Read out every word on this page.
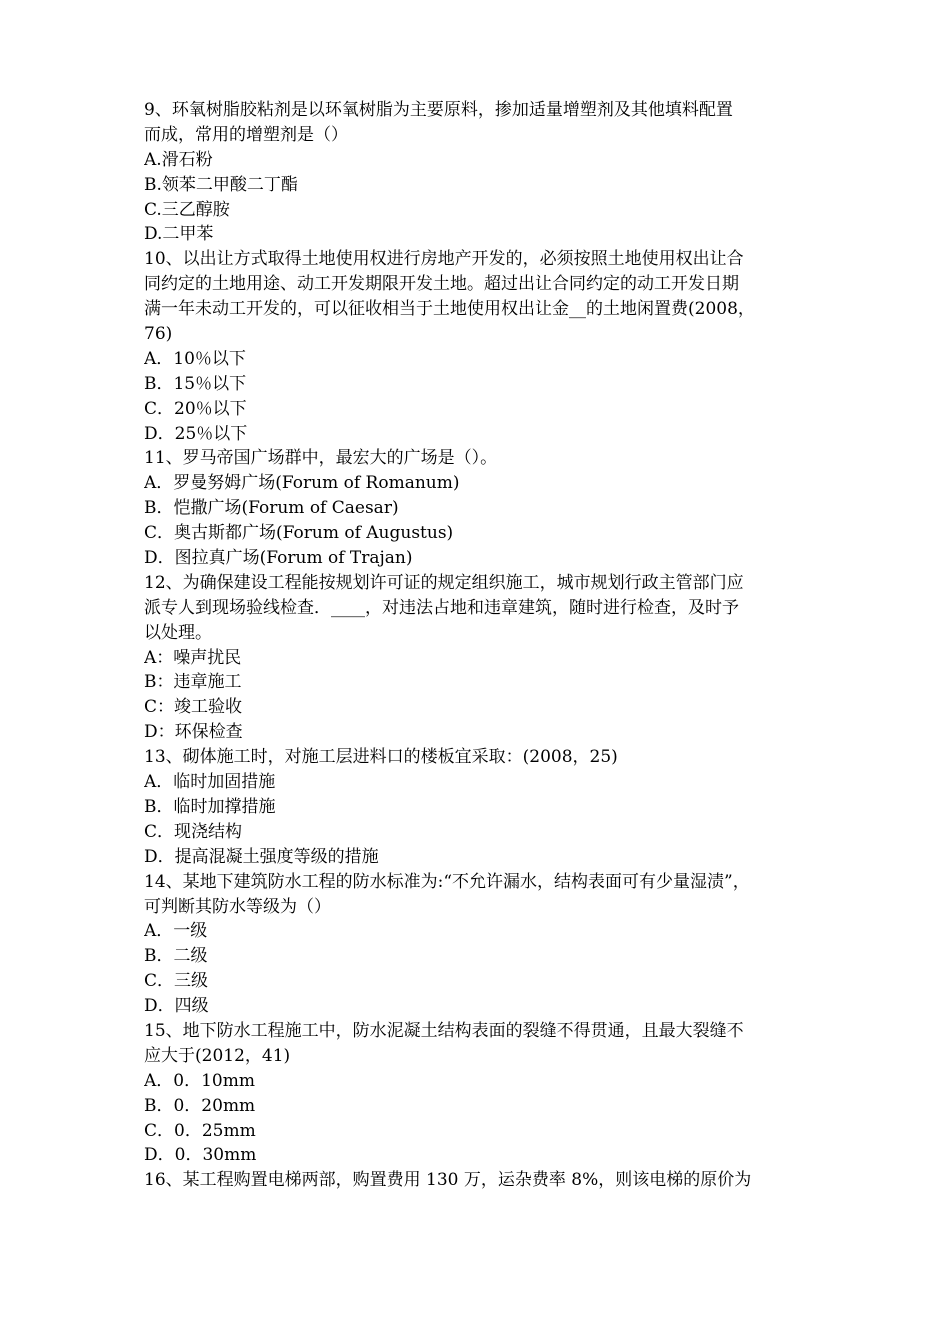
9、环氧树脂胶粘剂是以环氧树脂为主要原料，掺加适量增塑剂及其他填料配置
而成，常用的增塑剂是（）
A.滑石粉
B.领苯二甲酸二丁酯
C.三乙醇胺
D.二甲苯
10、以出让方式取得土地使用权进行房地产开发的，必须按照土地使用权出让合
同约定的土地用途、动工开发期限开发土地。超过出让合同约定的动工开发日期
满一年未动工开发的，可以征收相当于土地使用权出让金__的土地闲置费(2008，
76)
A．10％以下
B．15％以下
C．20％以下
D．25％以下
11、罗马帝国广场群中，最宏大的广场是（）。
A．罗曼努姆广场(Forum of Romanum)
B．恺撒广场(Forum of Caesar)
C．奥古斯都广场(Forum of Augustus)
D．图拉真广场(Forum of Trajan)
12、为确保建设工程能按规划许可证的规定组织施工，城市规划行政主管部门应
派专人到现场验线检查．____，对违法占地和违章建筑，随时进行检查，及时予
以处理。
A：噪声扰民
B：违章施工
C：竣工验收
D：环保检查
13、砌体施工时，对施工层进料口的楼板宜采取：(2008，25)
A．临时加固措施
B．临时加撑措施
C．现浇结构
D．提高混凝土强度等级的措施
14、某地下建筑防水工程的防水标准为:“不允许漏水，结构表面可有少量湿渍”，
可判断其防水等级为（）
A．一级
B．二级
C．三级
D．四级
15、地下防水工程施工中，防水泥凝土结构表面的裂缝不得贯通，且最大裂缝不
应大于(2012，41)
A．0．10mm
B．0．20mm
C．0．25mm
D．0．30mm
16、某工程购置电梯两部，购置费用 130 万，运杂费率 8%，则该电梯的原价为
